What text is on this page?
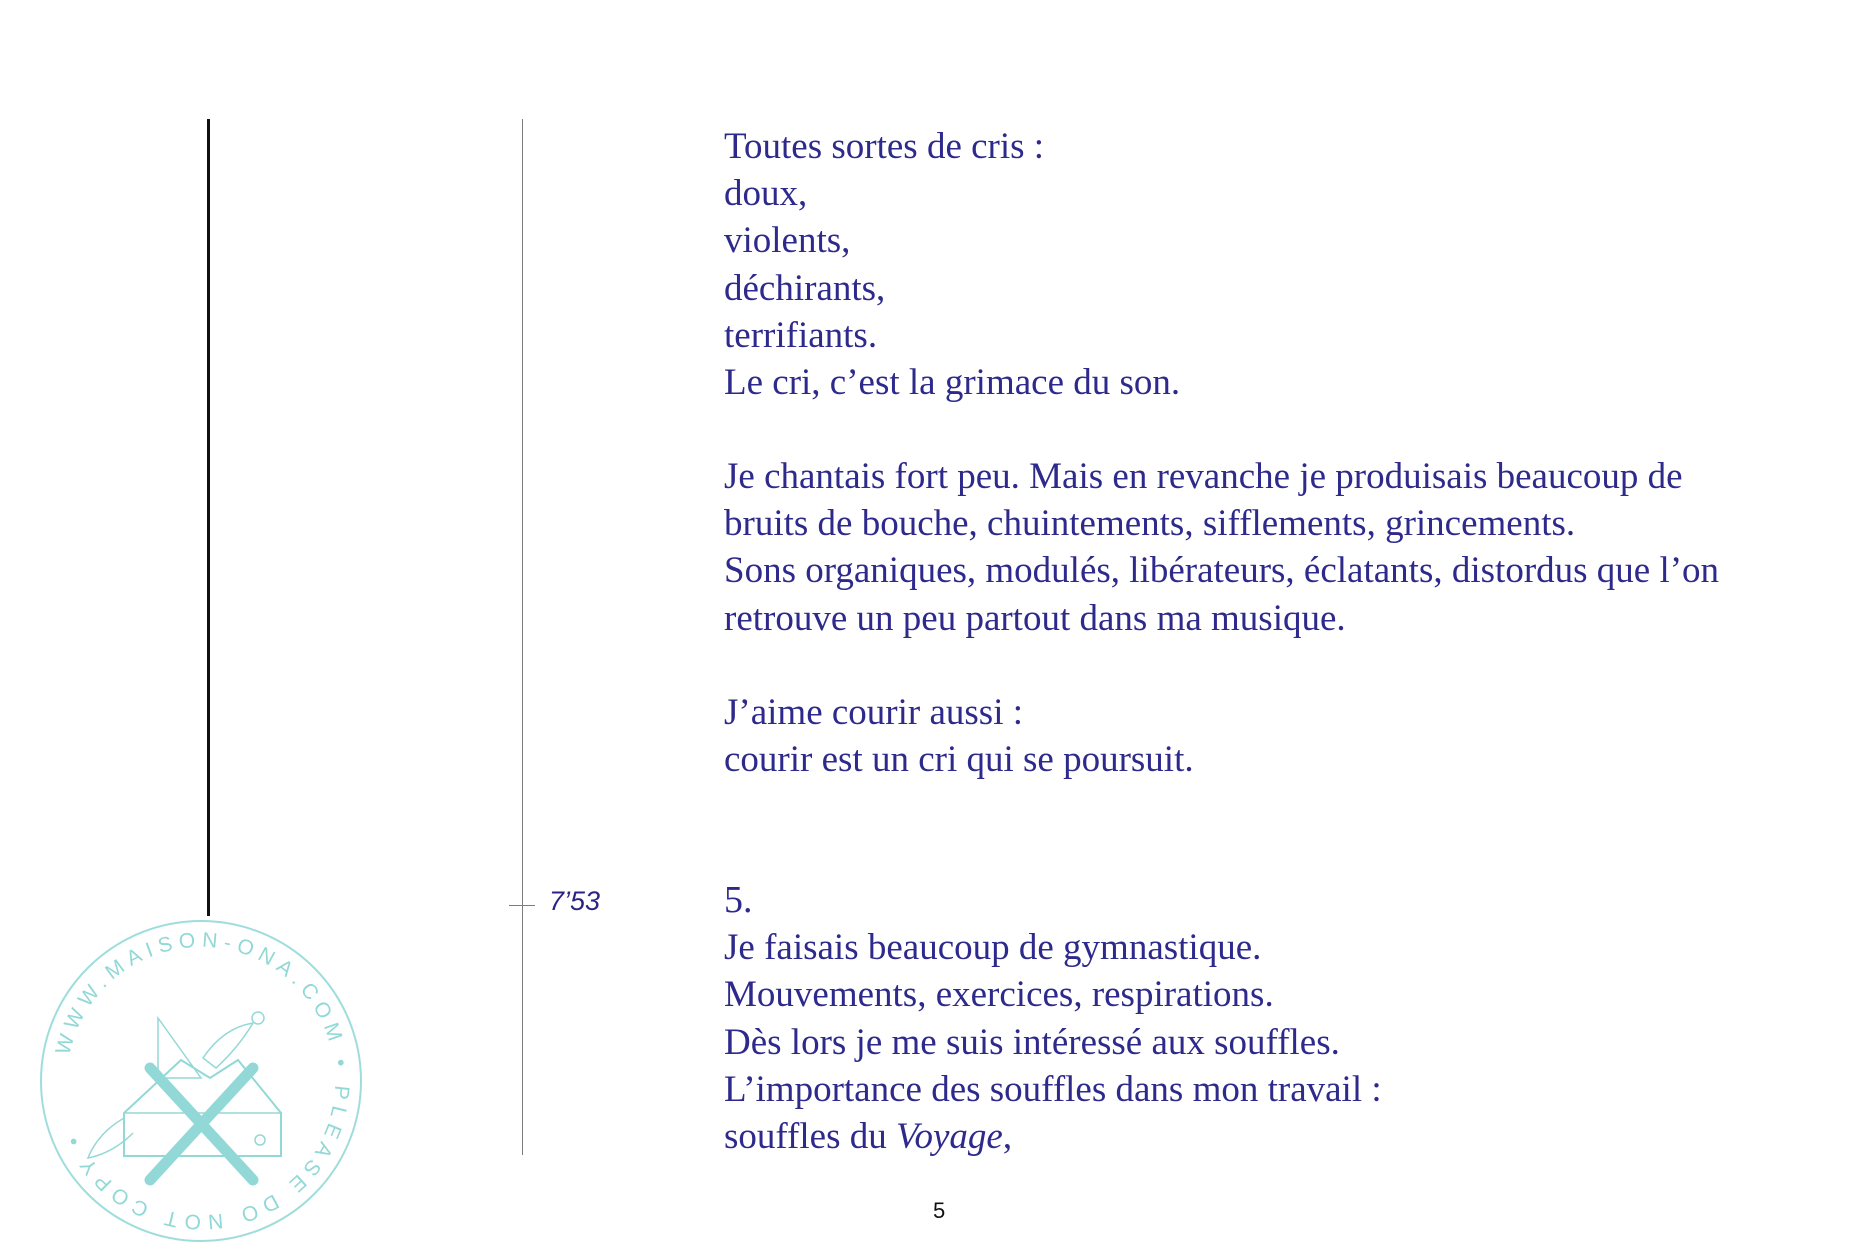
7’53
Toutes sortes de cris :
doux,
violents,
déchirants,
terrifiants.
Le cri, c’est la grimace du son.
Je chantais fort peu. Mais en revanche je produisais beaucoup de
bruits de bouche, chuintements, sifflements, grincements.
Sons organiques, modulés, libérateurs, éclatants, distordus que l’on
retrouve un peu partout dans ma musique.
J’aime courir aussi :
courir est un cri qui se poursuit.
5.
Je faisais beaucoup de gymnastique.
Mouvements, exercices, respirations.
Dès lors je me suis intéressé aux souffles.
L’importance des souffles dans mon travail :
souffles du Voyage,
5
WWW.MAISON-ONA.COM • PLEASE DO NOT COPY •
